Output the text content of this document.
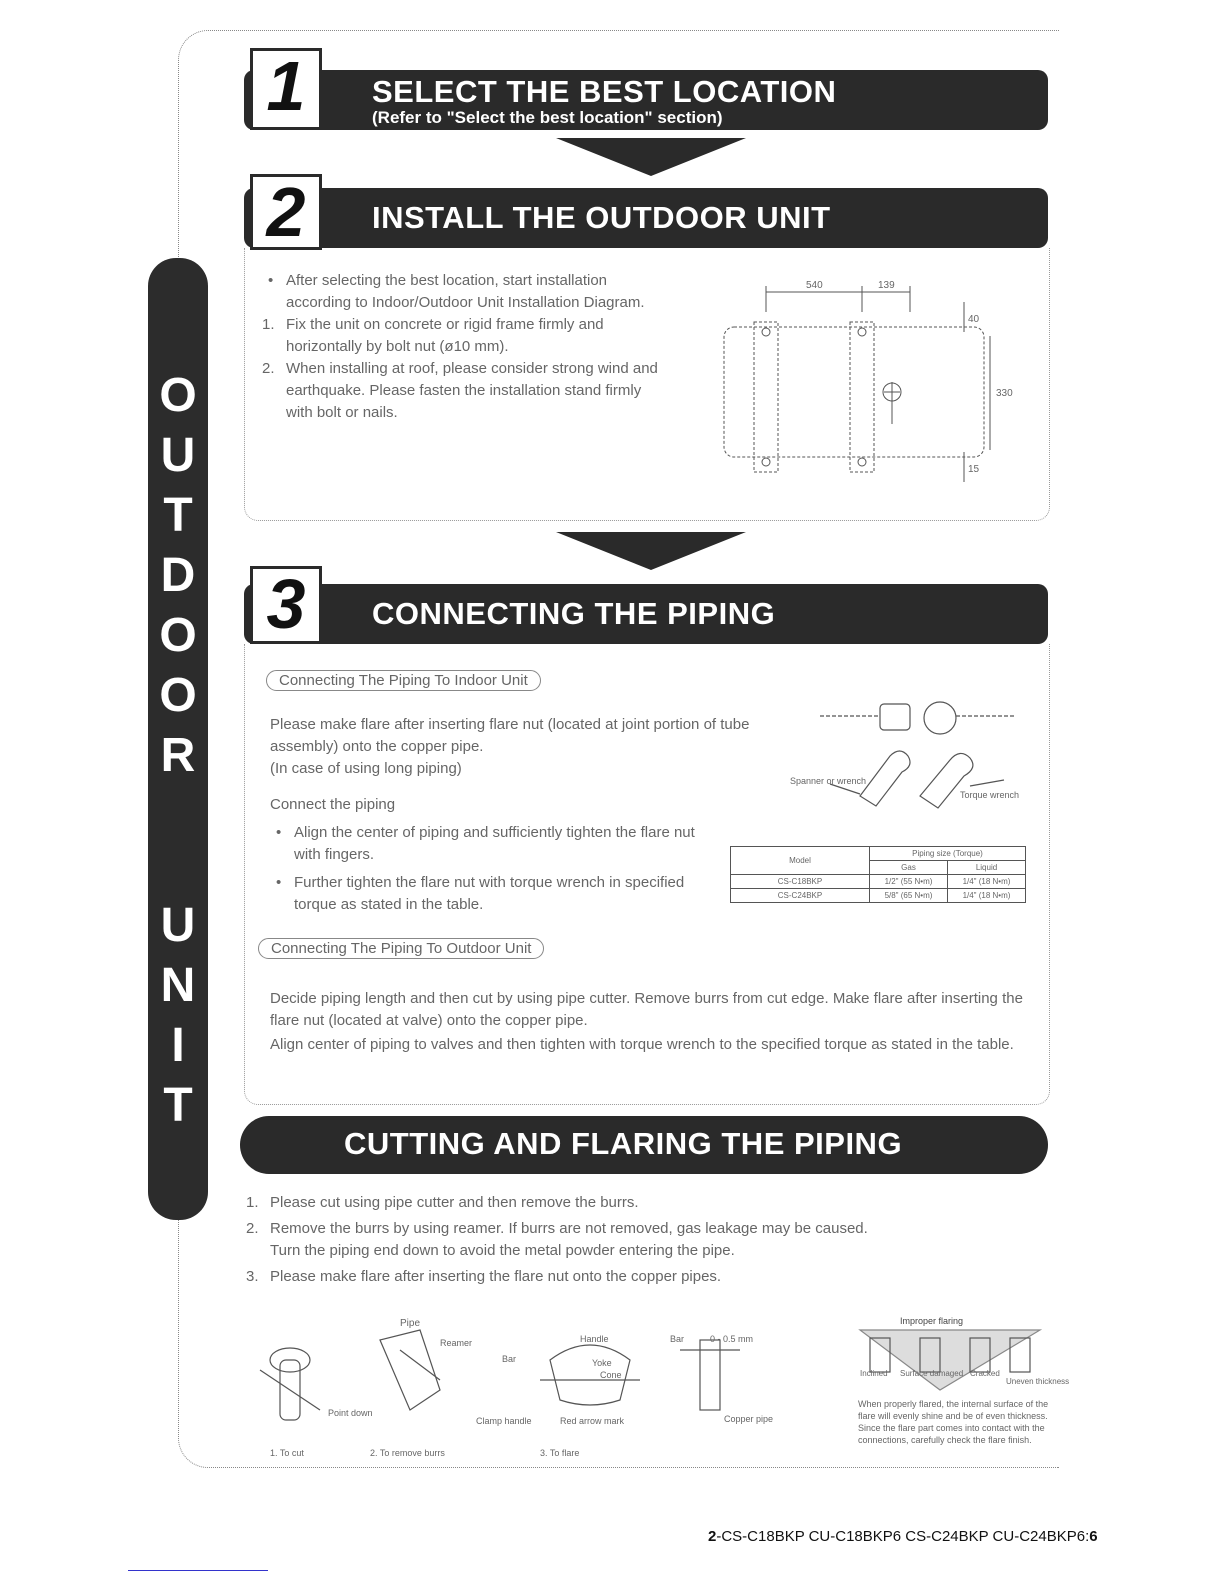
O
U
T
D
O
O
R
U
N
I
T
1	SELECT THE BEST LOCATION
(Refer to "Select the best location" section)
2	INSTALL THE OUTDOOR UNIT
• After selecting the best location, start installation according to Indoor/Outdoor Unit Installation Diagram.
1. Fix the unit on concrete or rigid frame firmly and horizontally by bolt nut (ø10 mm).
2. When installing at roof, please consider strong wind and earthquake. Please fasten the installation stand firmly with bolt or nails.
540	139
330
40
15
3	CONNECTING THE PIPING
Connecting The Piping To Indoor Unit
Please make flare after inserting flare nut (located at joint portion of tube assembly) onto the copper pipe.
(In case of using long piping)
Connect the piping
• Align the center of piping and sufficiently tighten the flare nut with fingers.
• Further tighten the flare nut with torque wrench in specified torque as stated in the table.
Spanner or wrench
Torque wrench
Model	Piping size (Torque)	
	Gas	Liquid
CS-C18BKP	1/2" (55 N•m)	1/4" (18 N•m)
CS-C24BKP	5/8" (65 N•m)	1/4" (18 N•m)
Connecting The Piping To Outdoor Unit
Decide piping length and then cut by using pipe cutter. Remove burrs from cut edge. Make flare after inserting the flare nut (located at valve) onto the copper pipe.
Align center of piping to valves and then tighten with torque wrench to the specified torque as stated in the table.
CUTTING AND FLARING THE PIPING
1. Please cut using pipe cutter and then remove the burrs.
2. Remove the burrs by using reamer. If burrs are not removed, gas leakage may be caused.
Turn the piping end down to avoid the metal powder entering the pipe.
3. Please make flare after inserting the flare nut onto the copper pipes.
Pipe
Reamer
Point down
Handle
Bar	Yoke
Cone
Clamp handle	Red arrow mark
Bar	0 - 0.5 mm
Copper pipe
1. To cut	2. To remove burrs	3. To flare
Improper flaring
Inclined Surface damaged Cracked
Uneven thickness
When properly flared, the internal surface of the flare will evenly shine and be of even thickness. Since the flare part comes into contact with the connections, carefully check the flare finish.
2-CS-C18BKP CU-C18BKP6 CS-C24BKP CU-C24BKP6:6
